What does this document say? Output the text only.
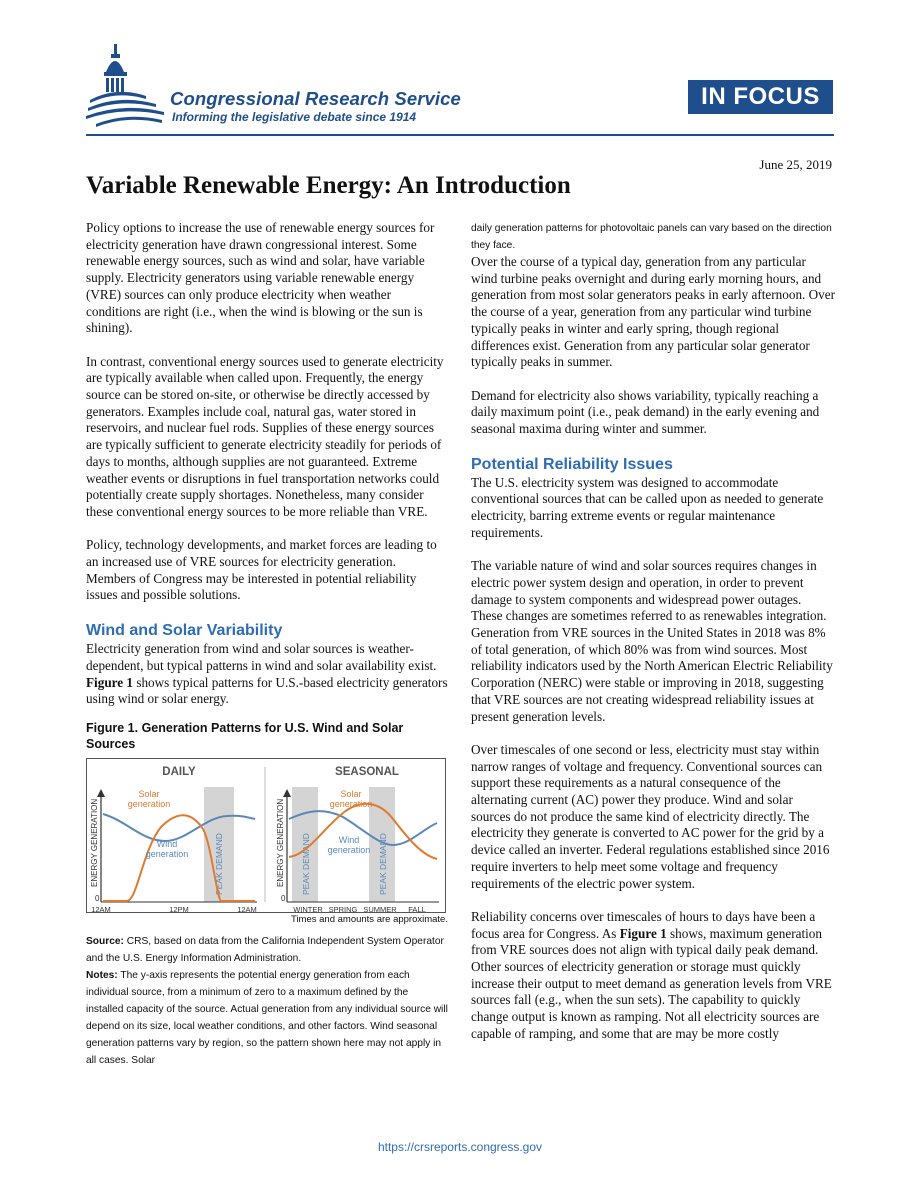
Congressional Research Service
Informing the legislative debate since 1914
IN FOCUS
June 25, 2019
Variable Renewable Energy: An Introduction

Policy options to increase the use of renewable energy sources for electricity generation have drawn congressional interest. Some renewable energy sources, such as wind and solar, have variable supply. Electricity generators using variable renewable energy (VRE) sources can only produce electricity when weather conditions are right (i.e., when the wind is blowing or the sun is shining).

In contrast, conventional energy sources used to generate electricity are typically available when called upon. Frequently, the energy source can be stored on-site, or otherwise be directly accessed by generators. Examples include coal, natural gas, water stored in reservoirs, and nuclear fuel rods. Supplies of these energy sources are typically sufficient to generate electricity steadily for periods of days to months, although supplies are not guaranteed. Extreme weather events or disruptions in fuel transportation networks could potentially create supply shortages. Nonetheless, many consider these conventional energy sources to be more reliable than VRE.

Policy, technology developments, and market forces are leading to an increased use of VRE sources for electricity generation. Members of Congress may be interested in potential reliability issues and possible solutions.

Wind and Solar Variability

Electricity generation from wind and solar sources is weather-dependent, but typical patterns in wind and solar availability exist. Figure 1 shows typical patterns for U.S.-based electricity generators using wind or solar energy.

Figure 1. Generation Patterns for U.S. Wind and Solar Sources
DAILY
PEAK DEMAND
ENERGY GENERATION
0
Solar generation
Wind generation
12AM	12PM	12AM
SEASONAL
PEAK DEMAND	PEAK DEMAND
ENERGY GENERATION
0
Solar generation
Wind generation
WINTER SPRING SUMMER FALL
Times and amounts are approximate.
Source: CRS, based on data from the California Independent System Operator and the U.S. Energy Information Administration.
Notes: The y-axis represents the potential energy generation from each individual source, from a minimum of zero to a maximum defined by the installed capacity of the source. Actual generation from any individual source will depend on its size, local weather conditions, and other factors. Wind seasonal generation patterns vary by region, so the pattern shown here may not apply in all cases. Solar
daily generation patterns for photovoltaic panels can vary based on the direction they face.

Over the course of a typical day, generation from any particular wind turbine peaks overnight and during early morning hours, and generation from most solar generators peaks in early afternoon. Over the course of a year, generation from any particular wind turbine typically peaks in winter and early spring, though regional differences exist. Generation from any particular solar generator typically peaks in summer.

Demand for electricity also shows variability, typically reaching a daily maximum point (i.e., peak demand) in the early evening and seasonal maxima during winter and summer.

Potential Reliability Issues

The U.S. electricity system was designed to accommodate conventional sources that can be called upon as needed to generate electricity, barring extreme events or regular maintenance requirements.

The variable nature of wind and solar sources requires changes in electric power system design and operation, in order to prevent damage to system components and widespread power outages. These changes are sometimes referred to as renewables integration. Generation from VRE sources in the United States in 2018 was 8% of total generation, of which 80% was from wind sources. Most reliability indicators used by the North American Electric Reliability Corporation (NERC) were stable or improving in 2018, suggesting that VRE sources are not creating widespread reliability issues at present generation levels.

Over timescales of one second or less, electricity must stay within narrow ranges of voltage and frequency. Conventional sources can support these requirements as a natural consequence of the alternating current (AC) power they produce. Wind and solar sources do not produce the same kind of electricity directly. The electricity they generate is converted to AC power for the grid by a device called an inverter. Federal regulations established since 2016 require inverters to help meet some voltage and frequency requirements of the electric power system.

Reliability concerns over timescales of hours to days have been a focus area for Congress. As Figure 1 shows, maximum generation from VRE sources does not align with typical daily peak demand. Other sources of electricity generation or storage must quickly increase their output to meet demand as generation levels from VRE sources fall (e.g., when the sun sets). The capability to quickly change output is known as ramping. Not all electricity sources are capable of ramping, and some that are may be more costly

https://crsreports.congress.gov
